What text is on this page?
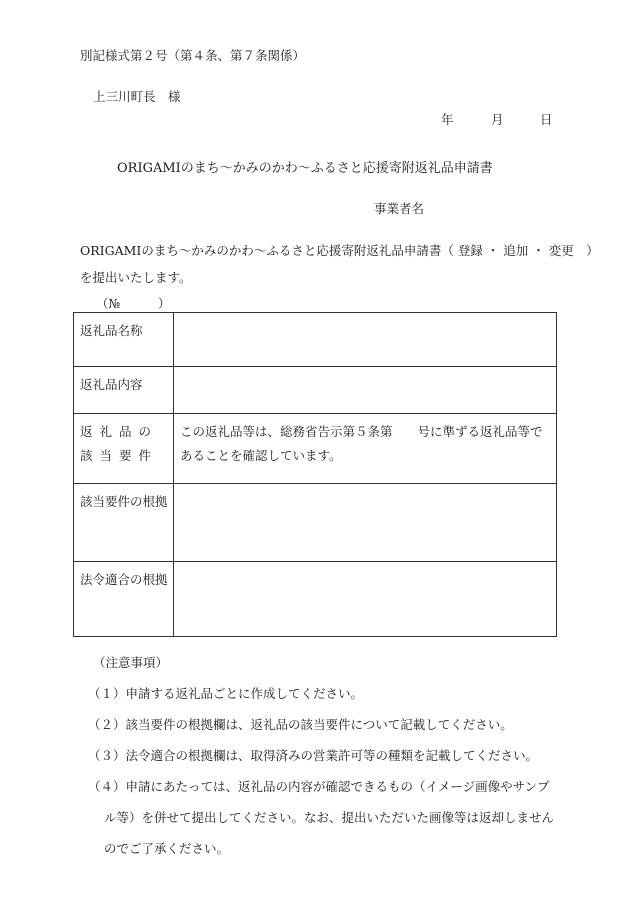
別記様式第２号（第４条、第７条関係）
上三川町長　様
年	月	日
ORIGAMIのまち〜かみのかわ〜ふるさと応援寄附返礼品申請書
事業者名
ORIGAMIのまち〜かみのかわ〜ふるさと応援寄附返礼品申請書（ 登録 ・ 追加 ・ 変更　）
を提出いたします。
（№　　　）
返礼品名称
返礼品内容
返礼品の
該当要件
この返礼品等は、総務省告示第５条第　　号に準ずる返礼品等であることを確認しています。
該当要件の根拠
法令適合の根拠
（注意事項）
（１）申請する返礼品ごとに作成してください。
（２）該当要件の根拠欄は、返礼品の該当要件について記載してください。
（３）法令適合の根拠欄は、取得済みの営業許可等の種類を記載してください。
（４）申請にあたっては、返礼品の内容が確認できるもの（イメージ画像やサンプ
ル等）を併せて提出してください。なお、提出いただいた画像等は返却しません
のでご了承ください。
